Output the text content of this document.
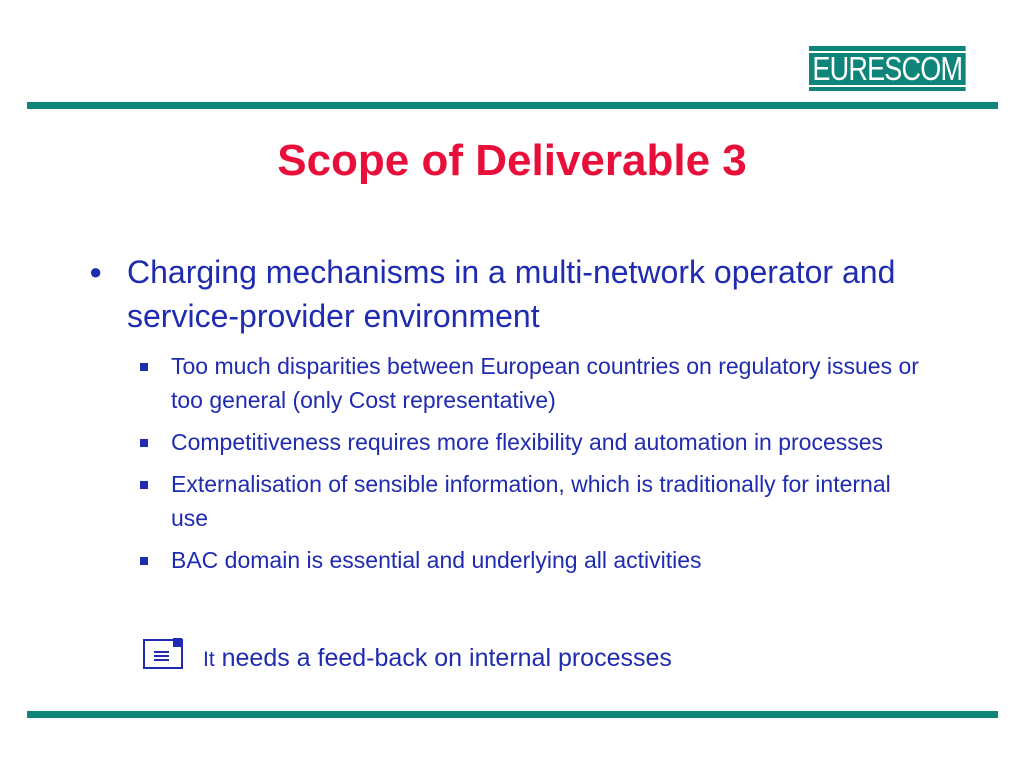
EURESCOM
Scope of Deliverable 3
● Charging mechanisms in a multi-network operator and service-provider environment
Too much disparities between European countries on regulatory issues or too general (only Cost representative)
Competitiveness requires more flexibility and automation in processes
Externalisation of sensible information, which is traditionally for internal use
BAC domain is essential and underlying all activities
It needs a feed-back on internal processes
